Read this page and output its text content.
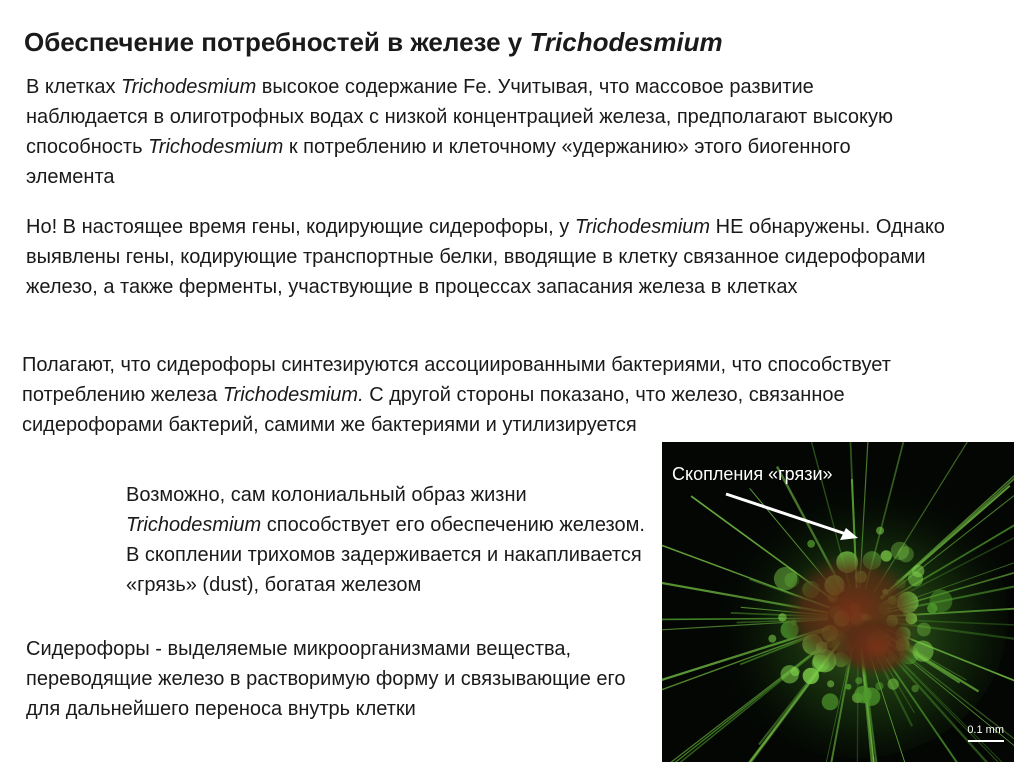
Обеспечение потребностей в железе у Trichodesmium
В клетках Trichodesmium высокое содержание Fe. Учитывая, что массовое развитие наблюдается в олиготрофных водах с низкой концентрацией железа, предполагают высокую способность Trichodesmium к потреблению и клеточному «удержанию» этого биогенного элемента
Но! В настоящее время гены, кодирующие сидерофоры, у Trichodesmium НЕ обнаружены. Однако выявлены гены, кодирующие транспортные белки, вводящие в клетку связанное сидерофорами железо, а также ферменты, участвующие в процессах запасания железа в клетках
Полагают, что сидерофоры синтезируются ассоциированными бактериями, что способствует потреблению железа Trichodesmium. С другой стороны показано, что железо, связанное сидерофорами бактерий, самими же бактериями и утилизируется
Возможно, сам колониальный образ жизни Trichodesmium способствует его обеспечению железом. В скоплении трихомов задерживается и накапливается «грязь» (dust), богатая железом
Сидерофоры - выделяемые микроорганизмами вещества, переводящие железо в растворимую форму и связывающие его для дальнейшего переноса внутрь клетки
Скопления «грязи»
0.1 mm
